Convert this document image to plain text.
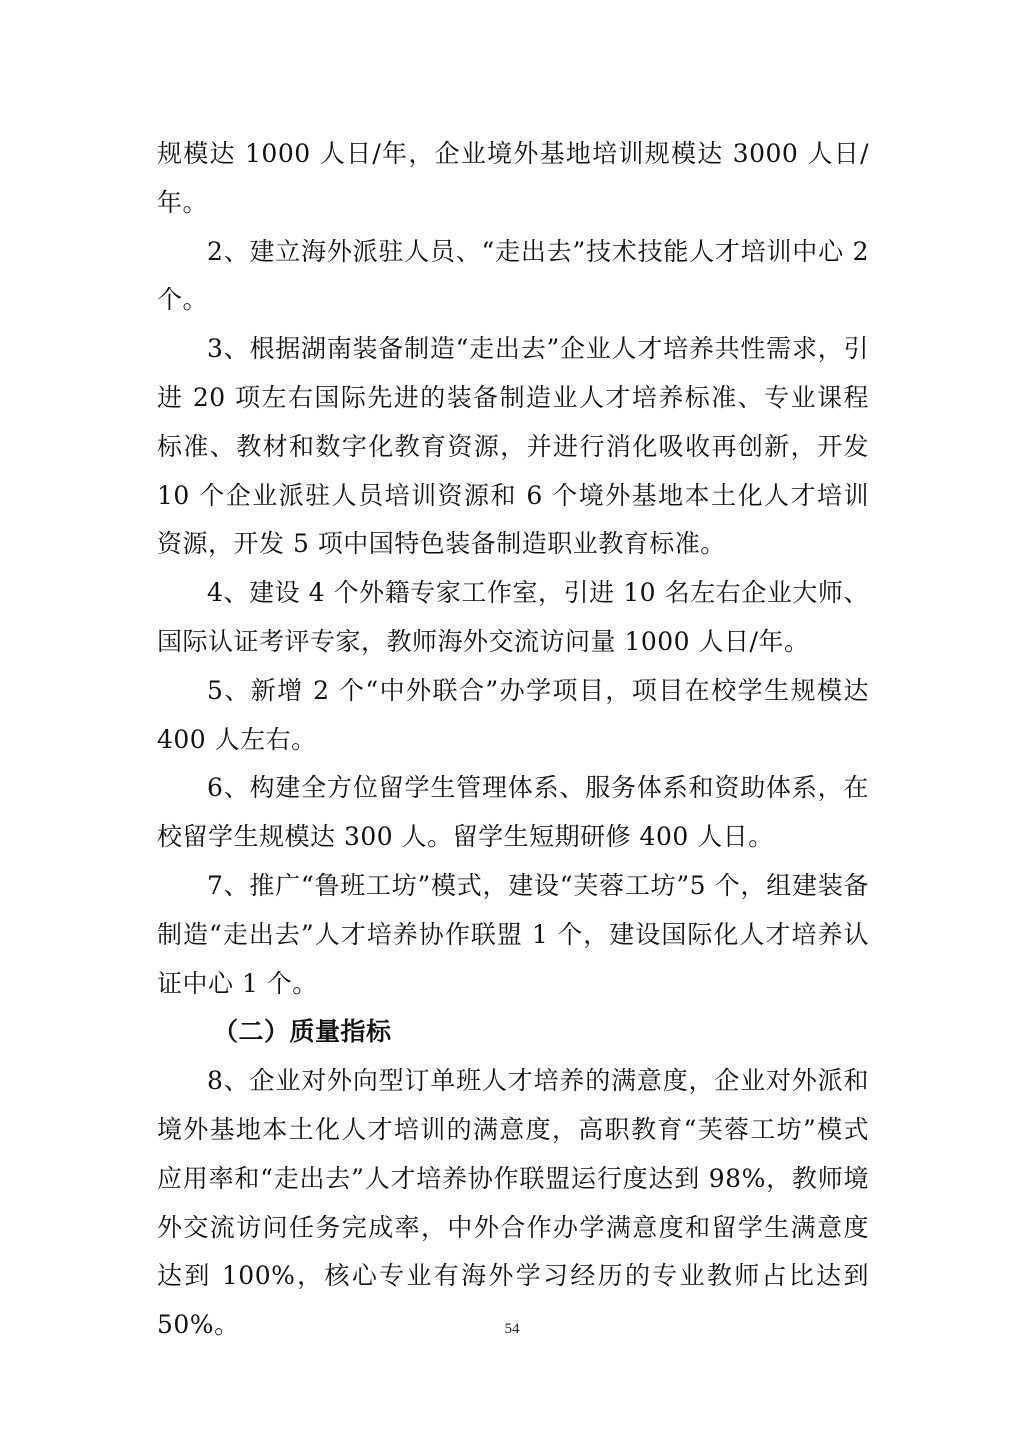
规模达 1000 人日/年，企业境外基地培训规模达 3000 人日/年。

2、建立海外派驻人员、“走出去”技术技能人才培训中心 2 个。

3、根据湖南装备制造“走出去”企业人才培养共性需求，引进 20 项左右国际先进的装备制造业人才培养标准、专业课程标准、教材和数字化教育资源，并进行消化吸收再创新，开发 10 个企业派驻人员培训资源和 6 个境外基地本土化人才培训资源，开发 5 项中国特色装备制造职业教育标准。

4、建设 4 个外籍专家工作室，引进 10 名左右企业大师、国际认证考评专家，教师海外交流访问量 1000 人日/年。

5、新增 2 个“中外联合”办学项目，项目在校学生规模达 400 人左右。

6、构建全方位留学生管理体系、服务体系和资助体系，在校留学生规模达 300 人。留学生短期研修 400 人日。

7、推广“鲁班工坊”模式，建设“芙蓉工坊”5 个，组建装备制造“走出去”人才培养协作联盟 1 个，建设国际化人才培养认证中心 1 个。

（二）质量指标

8、企业对外向型订单班人才培养的满意度，企业对外派和境外基地本土化人才培训的满意度，高职教育“芙蓉工坊”模式应用率和“走出去”人才培养协作联盟运行度达到 98%，教师境外交流访问任务完成率，中外合作办学满意度和留学生满意度达到 100%，核心专业有海外学习经历的专业教师占比达到 50%。	54
